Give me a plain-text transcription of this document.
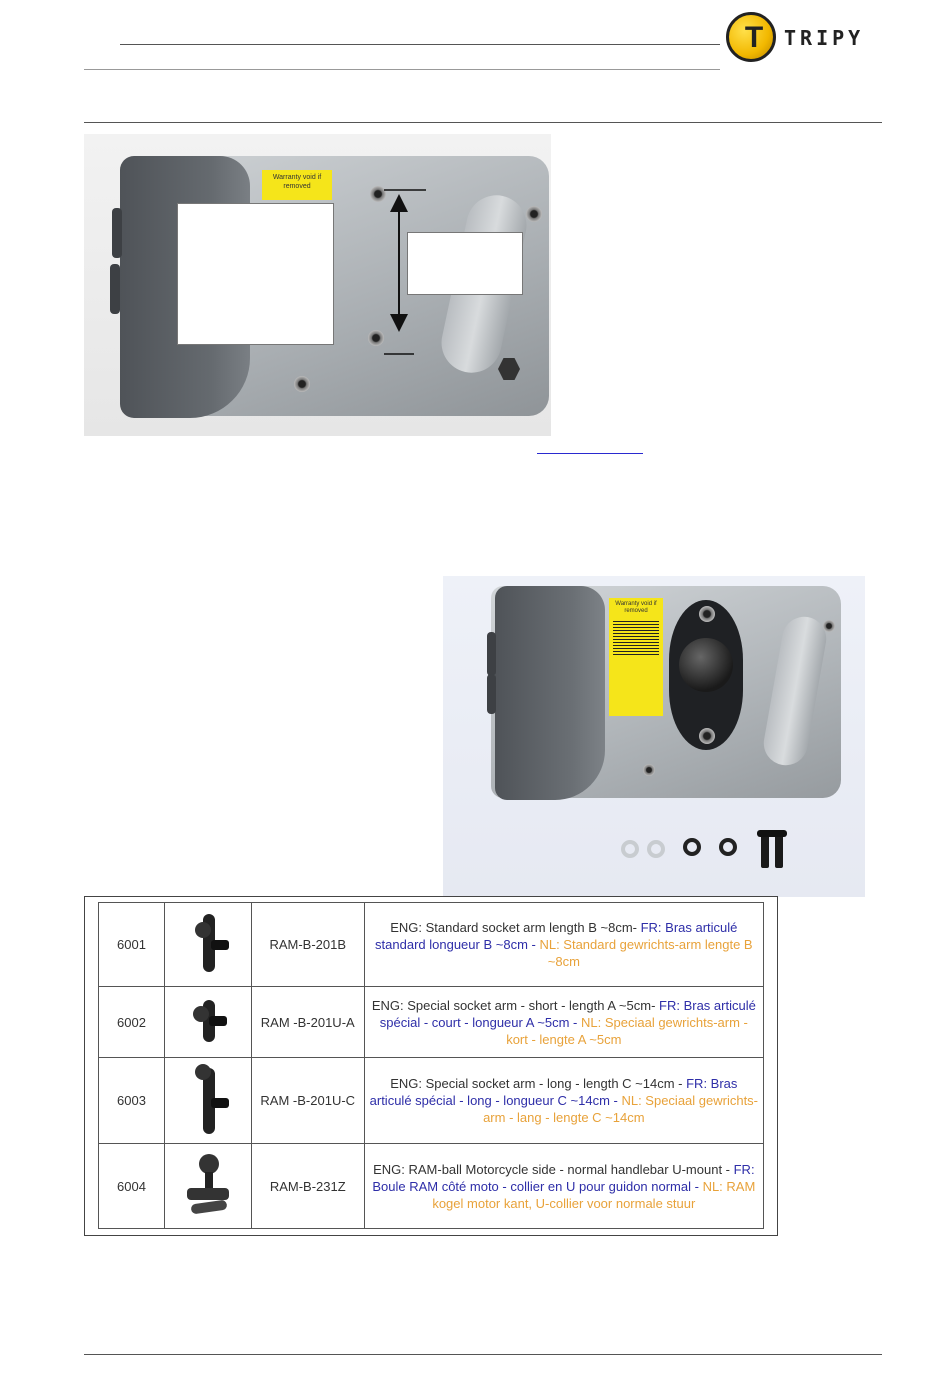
T	TRIPY
Warranty void if removed
Warranty void if removed
6001		RAM-B-201B	ENG: Standard socket arm length B ~8cm- FR: Bras articulé standard longueur B ~8cm - NL: Standard gewrichts-arm lengte B ~8cm
6002		RAM -B-201U-A	ENG: Special socket arm - short - length A ~5cm- FR: Bras articulé spécial - court - longueur A ~5cm - NL: Speciaal gewrichts-arm - kort - lengte A ~5cm
6003		RAM -B-201U-C	ENG: Special socket arm - long - length C ~14cm - FR: Bras articulé spécial - long - longueur C ~14cm - NL: Speciaal gewrichts-arm - lang - lengte C ~14cm
6004		RAM-B-231Z	ENG: RAM-ball Motorcycle side - normal handlebar U-mount - FR: Boule RAM côté moto - collier en U pour guidon normal - NL: RAM kogel motor kant, U-collier voor normale stuur
